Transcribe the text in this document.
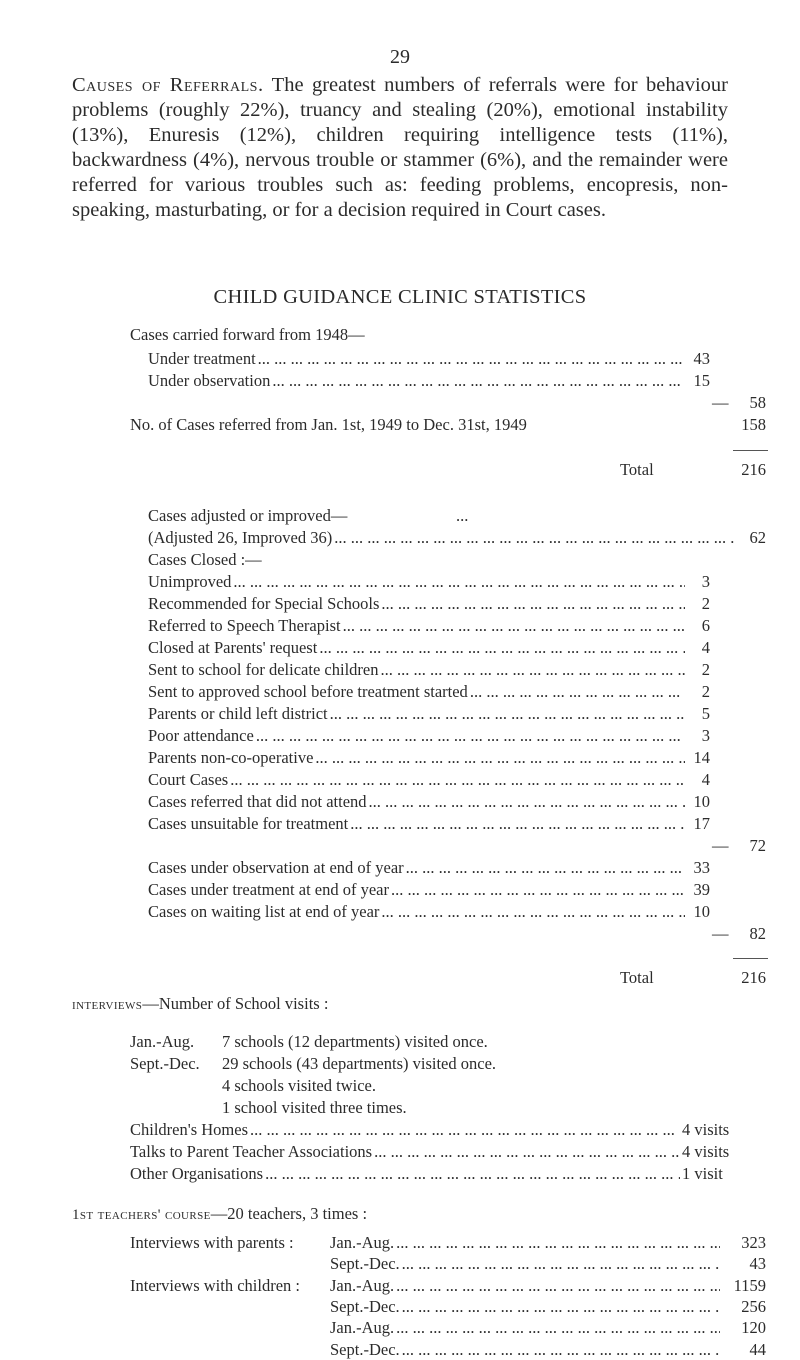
29
Causes of Referrals. The greatest numbers of referrals were for behaviour problems (roughly 22%), truancy and stealing (20%), emotional instability (13%), Enuresis (12%), children requiring intelligence tests (11%), backwardness (4%), nervous trouble or stammer (6%), and the remainder were referred for various troubles such as: feeding problems, encopresis, non-speaking, masturbating, or for a decision required in Court cases.
CHILD GUIDANCE CLINIC STATISTICS
Cases carried forward from 1948—
Under treatment ... .	43
Under observation ... .	15
—	58
No. of Cases referred from Jan. 1st, 1949 to Dec. 31st, 1949	158
Total	216
Cases adjusted or improved—	...
(Adjusted 26, Improved 36) ... .	62
Cases Closed :—
Unimproved ... .	3
Recommended for Special Schools ... .	2
Referred to Speech Therapist ... .	6
Closed at Parents' request ... .	4
Sent to school for delicate children ... .	2
Sent to approved school before treatment started ... .	2
Parents or child left district ... .	5
Poor attendance ... .	3
Parents non-co-operative ... .	14
Court Cases ... .	4
Cases referred that did not attend ... .	10
Cases unsuitable for treatment ... .	17
—	72
Cases under observation at end of year ... .	33
Cases under treatment at end of year ... .	39
Cases on waiting list at end of year ... .	10
—	82
Total	216
interviews—Number of School visits :
Jan.-Aug. 7 schools (12 departments) visited once.
Sept.-Dec. 29 schools (43 departments) visited once.
4 schools visited twice.
1 school visited three times.
Children's Homes ... .	4 visits
Talks to Parent Teacher Associations ... .	4 visits
Other Organisations ... .	1 visit
1st teachers' course—20 teachers, 3 times :
Interviews with parents : Jan.-Aug. ... .	323
Sept.-Dec. ... .	43
Interviews with children : Jan.-Aug. ... .	1159
Sept.-Dec. ... .	256
Jan.-Aug. ... .	120
Sept.-Dec. ... .	44
